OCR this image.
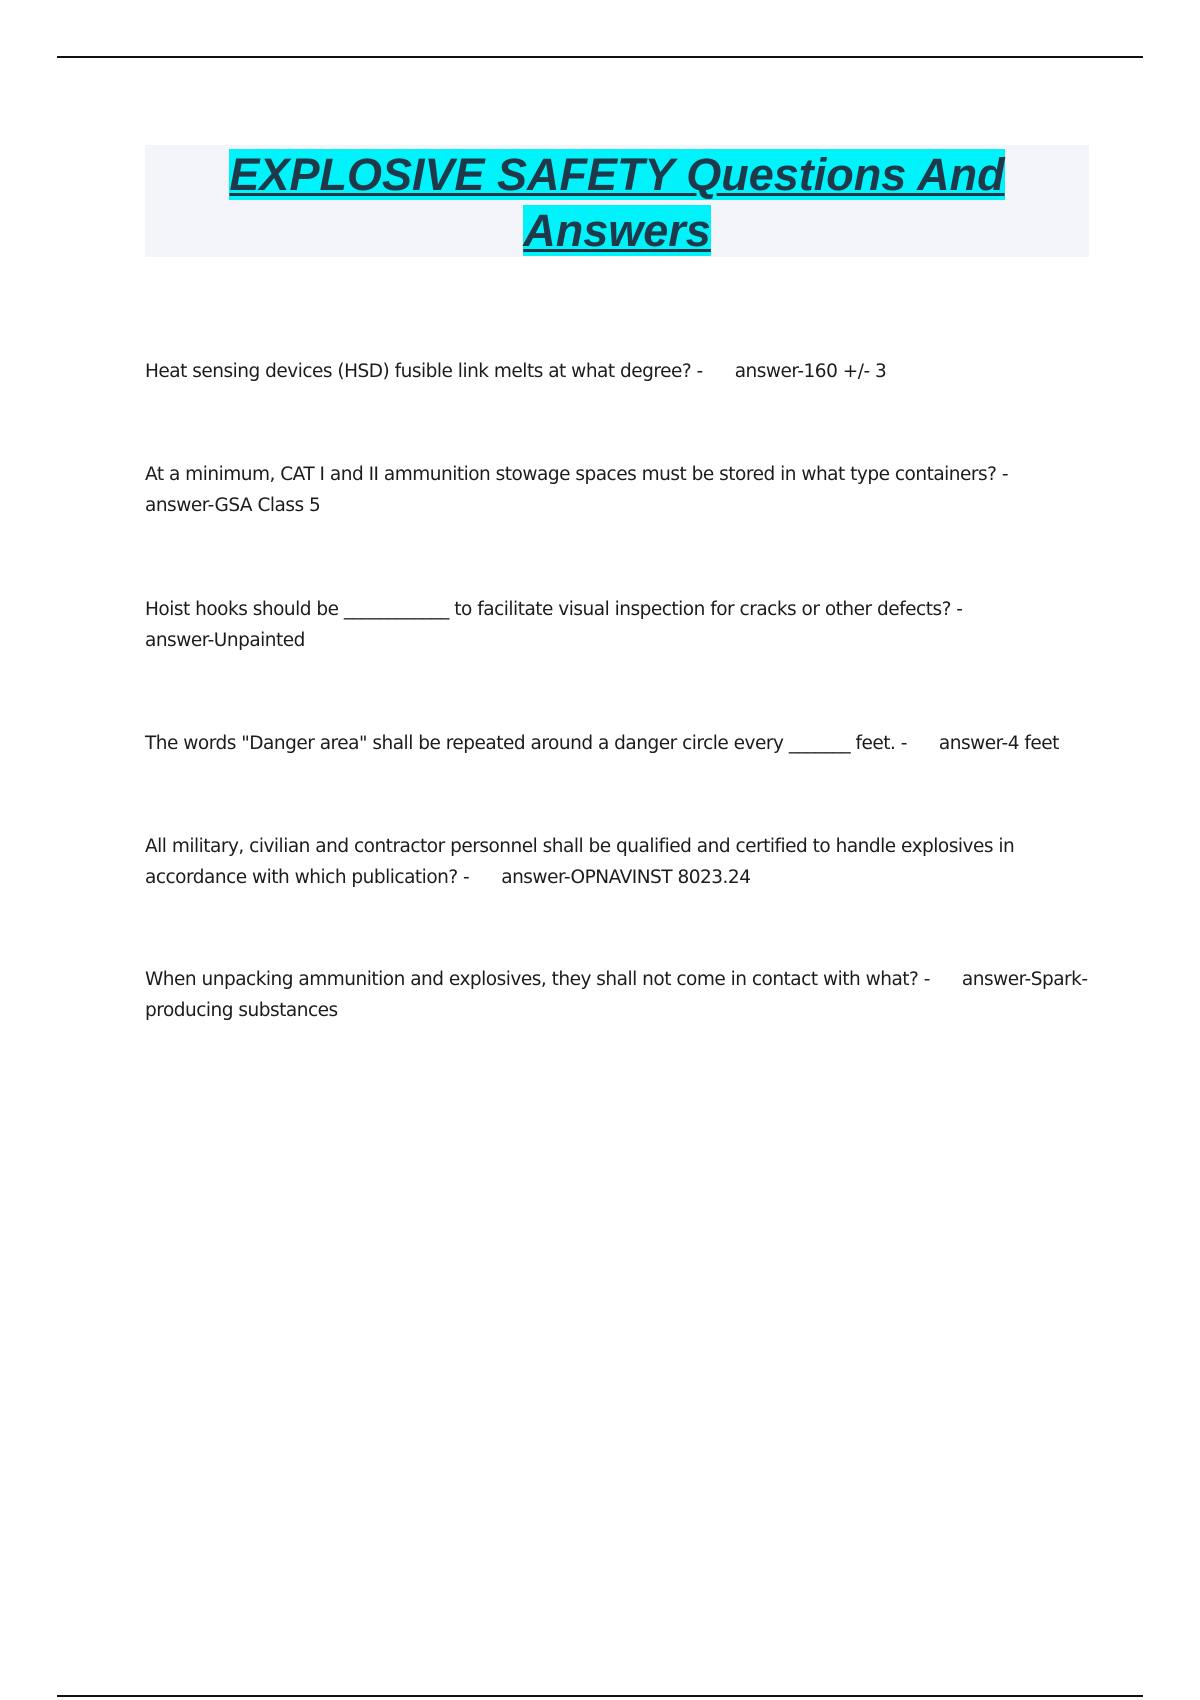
EXPLOSIVE SAFETY Questions And Answers

Heat sensing devices (HSD) fusible link melts at what degree? - answer-160 +/- 3

At a minimum, CAT I and II ammunition stowage spaces must be stored in what type containers? -
answer-GSA Class 5

Hoist hooks should be ____________ to facilitate visual inspection for cracks or other defects? -
answer-Unpainted

The words "Danger area" shall be repeated around a danger circle every _______ feet. - answer-4 feet

All military, civilian and contractor personnel shall be qualified and certified to handle explosives in accordance with which publication? - answer-OPNAVINST 8023.24

When unpacking ammunition and explosives, they shall not come in contact with what? - answer-Spark-producing substances
